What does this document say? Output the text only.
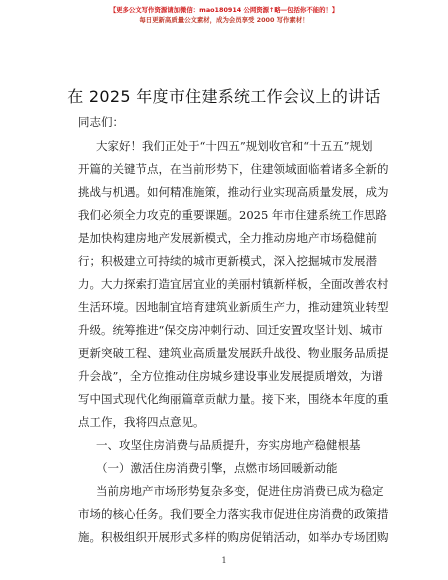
【更多公文写作资源请加微信：mao180914 公网资源↑略—包括你不能的！】
每日更新高质量公文素材，成为会员享受 2000 写作素材！
在 2025 年度市住建系统工作会议上的讲话
同志们：
大家好！我们正处于“十四五”规划收官和“十五五”规划
开篇的关键节点，在当前形势下，住建领域面临着诸多全新的
挑战与机遇。如何精准施策，推动行业实现高质量发展，成为
我们必须全力攻克的重要课题。2025 年市住建系统工作思路
是加快构建房地产发展新模式，全力推动房地产市场稳健前
行；积极建立可持续的城市更新模式，深入挖掘城市发展潜
力。大力探索打造宜居宜业的美丽村镇新样板，全面改善农村
生活环境。因地制宜培育建筑业新质生产力，推动建筑业转型
升级。统筹推进“保交房冲刺行动、回迁安置攻坚计划、城市
更新突破工程、建筑业高质量发展跃升战役、物业服务品质提
升会战”，全方位推动住房城乡建设事业发展提质增效，为谱
写中国式现代化绚丽篇章贡献力量。接下来，围绕本年度的重
点工作，我将四点意见。
一、攻坚住房消费与品质提升，夯实房地产稳健根基
（一）激活住房消费引擎，点燃市场回暖新动能
当前房地产市场形势复杂多变，促进住房消费已成为稳定
市场的核心任务。我们要全力落实我市促进住房消费的政策措
施。积极组织开展形式多样的购房促销活动，如举办专场团购
1
